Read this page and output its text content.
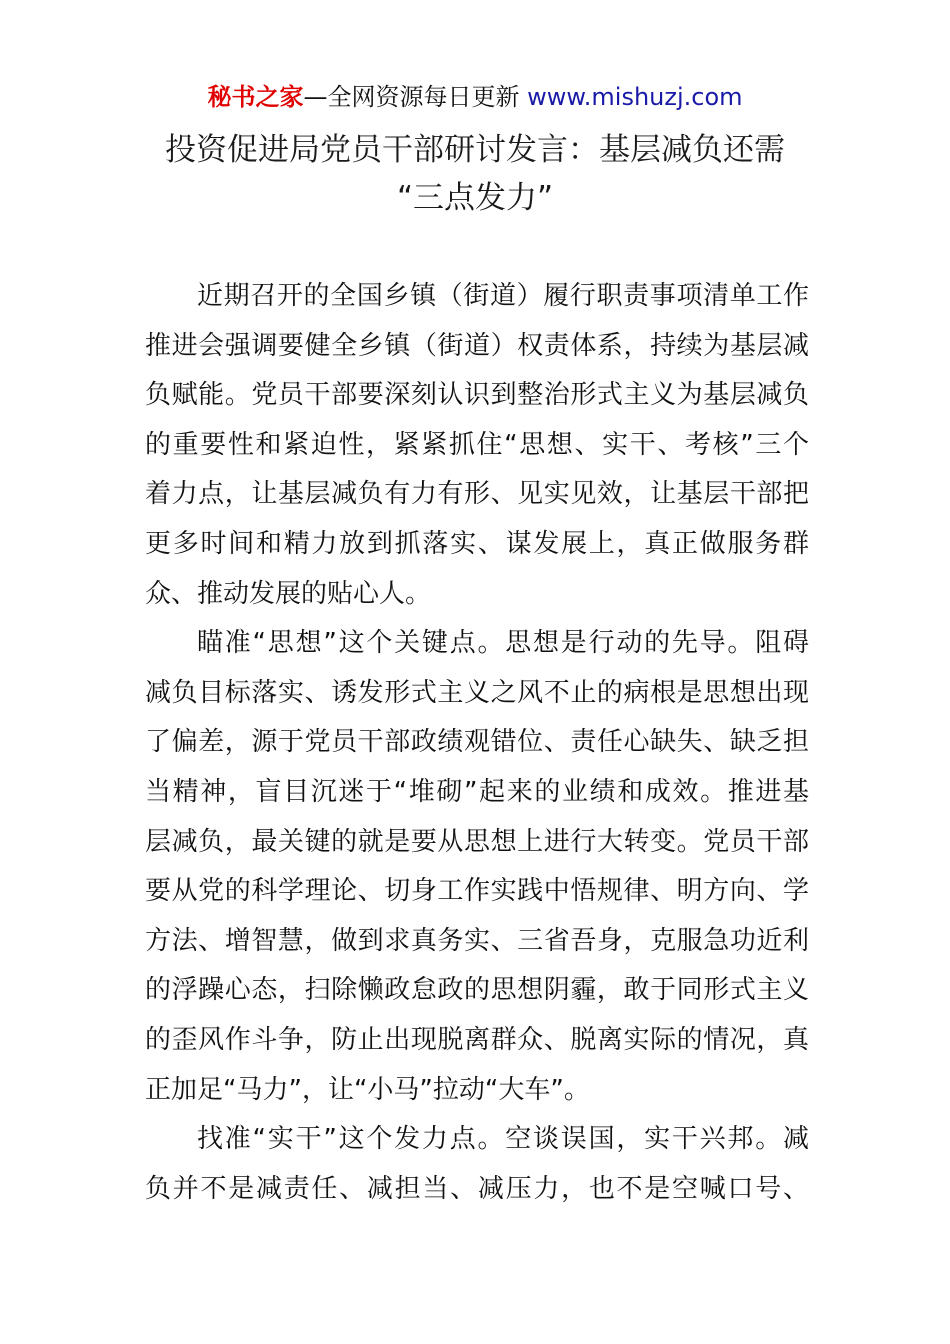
秘书之家—全网资源每日更新 www.mishuzj.com
投资促进局党员干部研讨发言：基层减负还需
“三点发力”
近期召开的全国乡镇（街道）履行职责事项清单工作
推进会强调要健全乡镇（街道）权责体系，持续为基层减
负赋能。党员干部要深刻认识到整治形式主义为基层减负
的重要性和紧迫性，紧紧抓住“思想、实干、考核”三个
着力点，让基层减负有力有形、见实见效，让基层干部把
更多时间和精力放到抓落实、谋发展上，真正做服务群
众、推动发展的贴心人。
瞄准“思想”这个关键点。思想是行动的先导。阻碍
减负目标落实、诱发形式主义之风不止的病根是思想出现
了偏差，源于党员干部政绩观错位、责任心缺失、缺乏担
当精神，盲目沉迷于“堆砌”起来的业绩和成效。推进基
层减负，最关键的就是要从思想上进行大转变。党员干部
要从党的科学理论、切身工作实践中悟规律、明方向、学
方法、增智慧，做到求真务实、三省吾身，克服急功近利
的浮躁心态，扫除懒政怠政的思想阴霾，敢于同形式主义
的歪风作斗争，防止出现脱离群众、脱离实际的情况，真
正加足“马力”，让“小马”拉动“大车”。
找准“实干”这个发力点。空谈误国，实干兴邦。减
负并不是减责任、减担当、减压力，也不是空喊口号、
